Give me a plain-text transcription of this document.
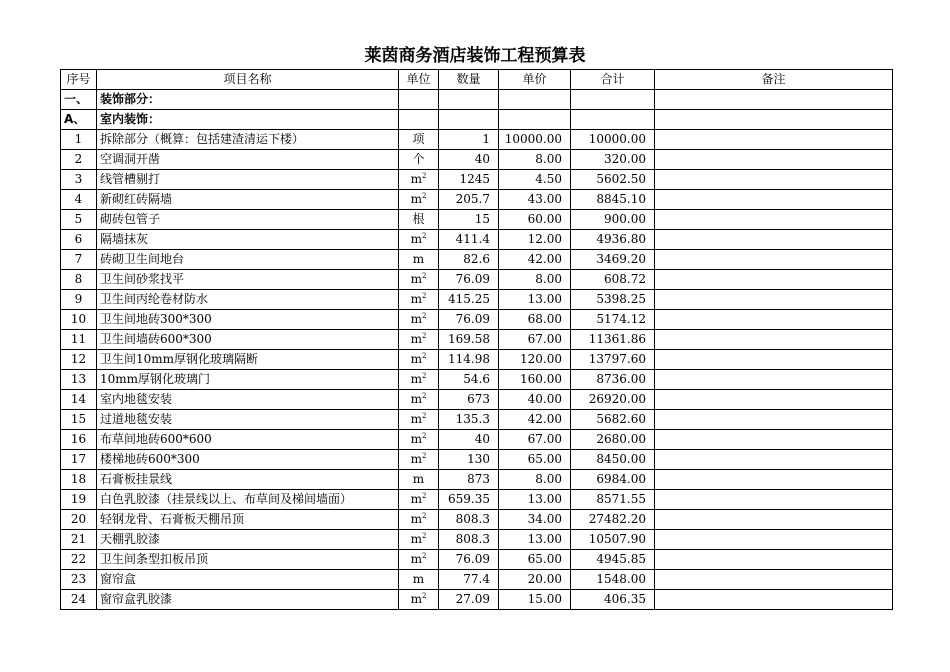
莱茵商务酒店装饰工程预算表
序号	项目名称	单位	数量	单价	合计	备注
一、	装饰部分：					
A、	室内装饰：					
1	拆除部分（概算：包括建渣清运下楼）	项	1	10000.00	10000.00	
2	空调洞开凿	个	40	8.00	320.00	
3	线管槽剔打	$m^2$	1245	4.50	5602.50	
4	新砌红砖隔墙	$m^2$	205.7	43.00	8845.10	
5	砌砖包管子	根	15	60.00	900.00	
6	隔墙抹灰	$m^2$	411.4	12.00	4936.80	
7	砖砌卫生间地台	m	82.6	42.00	3469.20	
8	卫生间砂浆找平	$m^2$	76.09	8.00	608.72	
9	卫生间丙纶卷材防水	$m^2$	415.25	13.00	5398.25	
10	卫生间地砖300*300	$m^2$	76.09	68.00	5174.12	
11	卫生间墙砖600*300	$m^2$	169.58	67.00	11361.86	
12	卫生间10mm厚钢化玻璃隔断	$m^2$	114.98	120.00	13797.60	
13	10mm厚钢化玻璃门	$m^2$	54.6	160.00	8736.00	
14	室内地毯安装	$m^2$	673	40.00	26920.00	
15	过道地毯安装	$m^2$	135.3	42.00	5682.60	
16	布草间地砖600*600	$m^2$	40	67.00	2680.00	
17	楼梯地砖600*300	$m^2$	130	65.00	8450.00	
18	石膏板挂景线	m	873	8.00	6984.00	
19	白色乳胶漆（挂景线以上、布草间及梯间墙面）	$m^2$	659.35	13.00	8571.55	
20	轻钢龙骨、石膏板天棚吊顶	$m^2$	808.3	34.00	27482.20	
21	天棚乳胶漆	$m^2$	808.3	13.00	10507.90	
22	卫生间条型扣板吊顶	$m^2$	76.09	65.00	4945.85	
23	窗帘盒	m	77.4	20.00	1548.00	
24	窗帘盒乳胶漆	$m^2$	27.09	15.00	406.35	
